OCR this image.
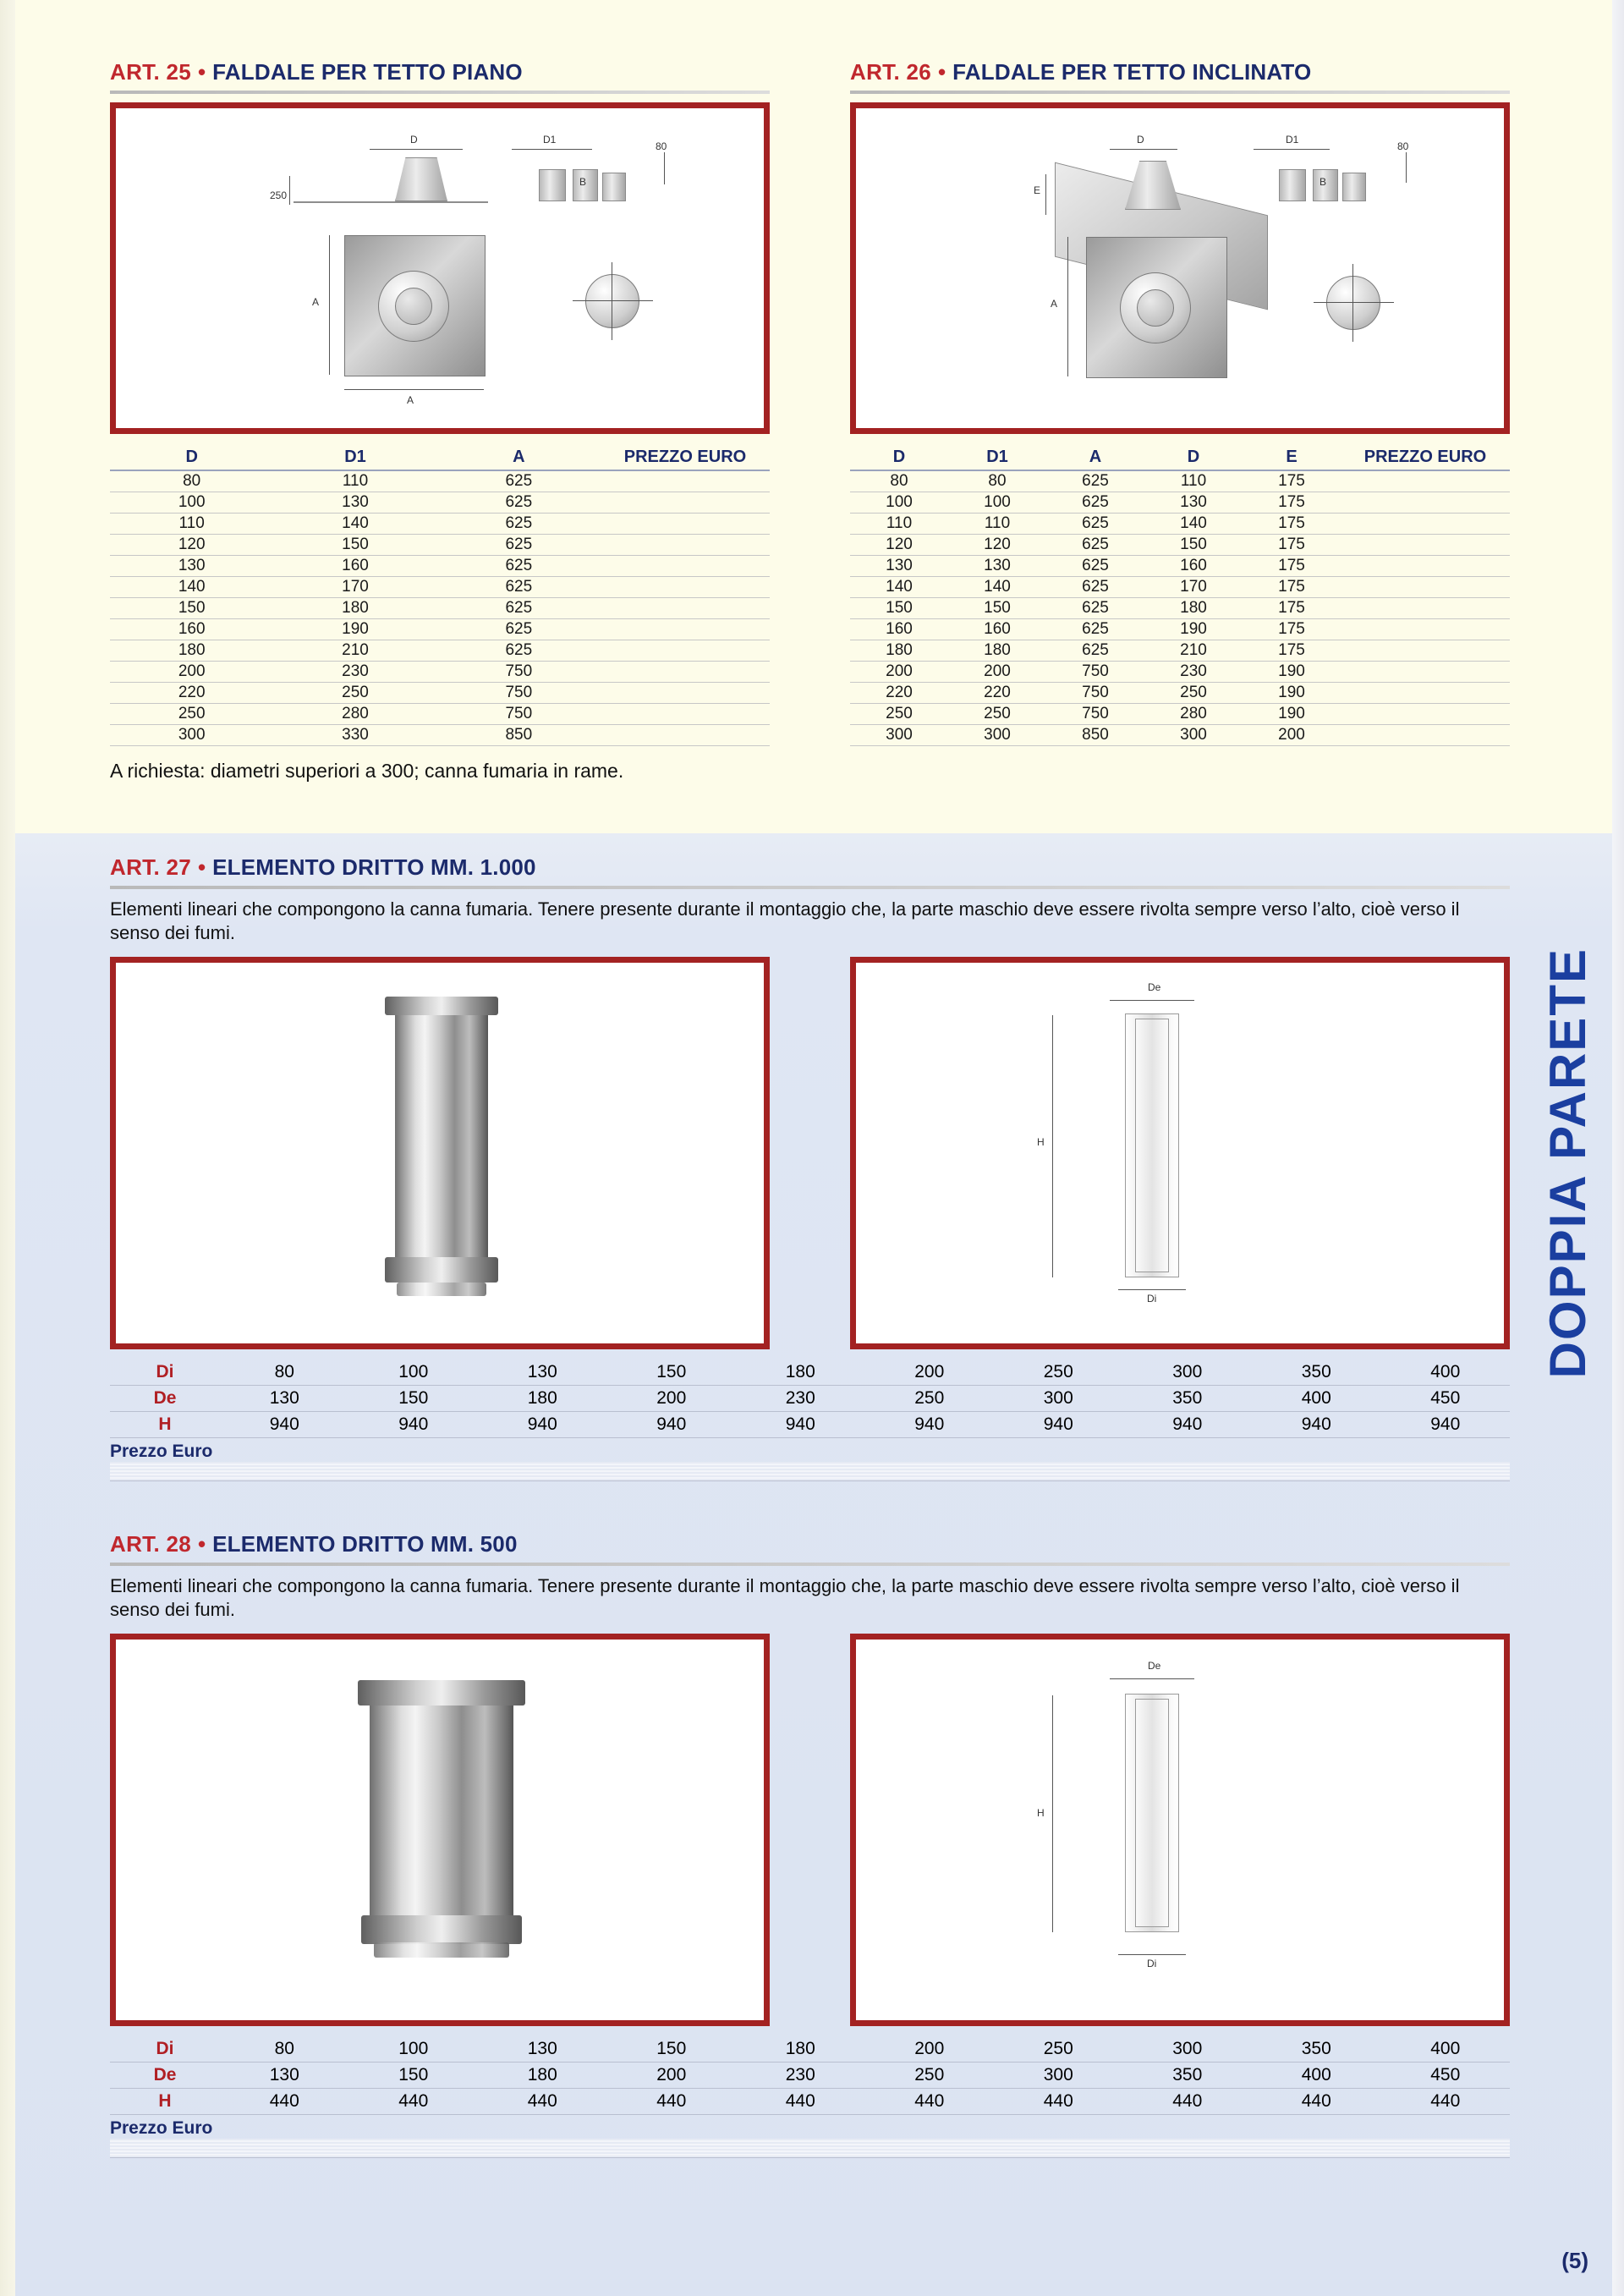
ART. 25 • FALDALE PER TETTO PIANO
D	D1
80
250
B
A
A
D	D1	A	PREZZO EURO
80	110	625	
100	130	625	
110	140	625	
120	150	625	
130	160	625	
140	170	625	
150	180	625	
160	190	625	
180	210	625	
200	230	750	
220	250	750	
250	280	750	
300	330	850	
A richiesta: diametri superiori a 300; canna fumaria in rame.
ART. 26 • FALDALE PER TETTO INCLINATO
D	D1
80
E
B
A
D	D1	A	D	E	PREZZO EURO
80	80	625	110	175	
100	100	625	130	175	
110	110	625	140	175	
120	120	625	150	175	
130	130	625	160	175	
140	140	625	170	175	
150	150	625	180	175	
160	160	625	190	175	
180	180	625	210	175	
200	200	750	230	190	
220	220	750	250	190	
250	250	750	280	190	
300	300	850	300	200	
ART. 27 • ELEMENTO DRITTO MM. 1.000
Elementi lineari che compongono la canna fumaria. Tenere presente durante il montaggio che, la parte maschio deve essere rivolta sempre verso l’alto, cioè verso il senso dei fumi.
De
H
Di
Di	80	100	130	150	180	200	250	300	350	400
De	130	150	180	200	230	250	300	350	400	450
H	940	940	940	940	940	940	940	940	940	940
Prezzo Euro
ART. 28 • ELEMENTO DRITTO MM. 500
Elementi lineari che compongono la canna fumaria. Tenere presente durante il montaggio che, la parte maschio deve essere rivolta sempre verso l’alto, cioè verso il senso dei fumi.
De
H
Di
Di	80	100	130	150	180	200	250	300	350	400
De	130	150	180	200	230	250	300	350	400	450
H	440	440	440	440	440	440	440	440	440	440
Prezzo Euro
DOPPIA PARETE
(5)
